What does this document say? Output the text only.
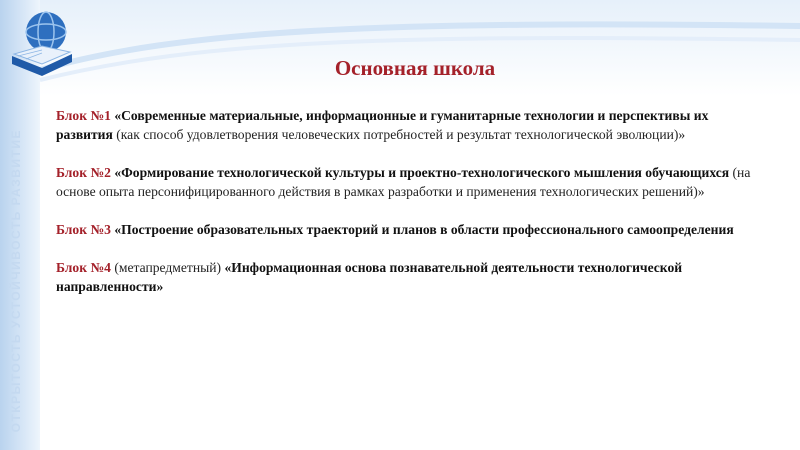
ОТКРЫТОСТЬ УСТОЙЧИВОСТЬ РАЗВИТИЕ
Основная школа
Блок №1 «Современные материальные, информационные и гуманитарные технологии и перспективы их развития (как способ удовлетворения человеческих потребностей и результат технологической эволюции)»
Блок №2 «Формирование технологической культуры и проектно-технологического мышления обучающихся (на основе опыта персонифицированного действия в рамках разработки и применения технологических решений)»
Блок №3 «Построение образовательных траекторий и планов в области профессионального самоопределения
Блок №4 (метапредметный) «Информационная основа познавательной деятельности технологической направленности»
